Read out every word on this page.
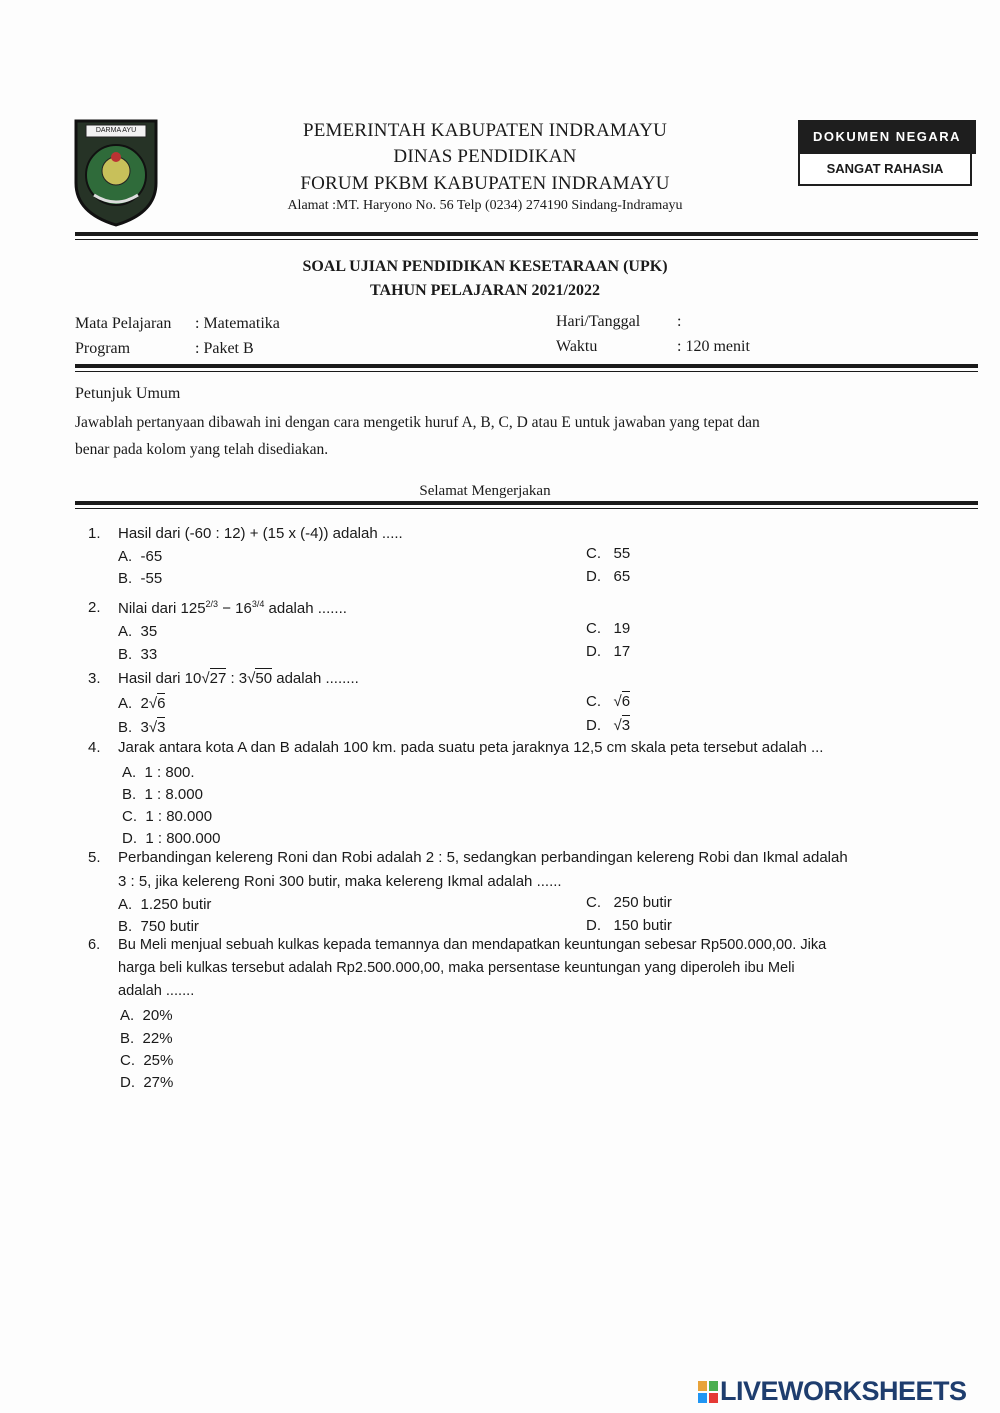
DARMA AYU	PEMERINTAH KABUPATEN INDRAMAYU
DINAS PENDIDIKAN
FORUM PKBM KABUPATEN INDRAMAYU
Alamat :MT. Haryono No. 56 Telp (0234) 274190 Sindang-Indramayu
DOKUMEN NEGARA
SANGAT RAHASIA
SOAL UJIAN PENDIDIKAN KESETARAAN (UPK)
TAHUN PELAJARAN 2021/2022
Mata Pelajaran : Matematika
Program	: Paket B
Hari/Tanggal :
Waktu	: 120 menit
Petunjuk Umum
Jawablah pertanyaan dibawah ini dengan cara mengetik huruf A, B, C, D atau E untuk jawaban yang tepat dan
benar pada kolom yang telah disediakan.
Selamat Mengerjakan
1. Hasil dari (-60 : 12) + (15 x (-4)) adalah .....
A. -65
B. -55
C. 55
D. 65
2. Nilai dari $125^{2/3} - 16^{3/4}$ adalah .......
A. 35
B. 33
C. 19
D. 17
3. Hasil dari 10√27 : 3√50 adalah ........
A. 2√6
B. 3√3
C.   √6
D.   √3
4. Jarak antara kota A dan B adalah 100 km. pada suatu peta jaraknya 12,5 cm skala peta tersebut adalah ...
A. 1 : 800.
B. 1 : 8.000
C. 1 : 80.000
D. 1 : 800.000
5. Perbandingan kelereng Roni dan Robi adalah 2 : 5, sedangkan perbandingan kelereng Robi dan Ikmal adalah
3 : 5, jika kelereng Roni 300 butir, maka kelereng Ikmal adalah ......
A. 1.250 butir
B. 750 butir
C. 250 butir
D. 150 butir
6. Bu Meli menjual sebuah kulkas kepada temannya dan mendapatkan keuntungan sebesar Rp500.000,00. Jika
harga beli kulkas tersebut adalah Rp2.500.000,00, maka persentase keuntungan yang diperoleh ibu Meli
adalah .......
A. 20%
B. 22%
C. 25%
D. 27%
LIVEWORKSHEETS
